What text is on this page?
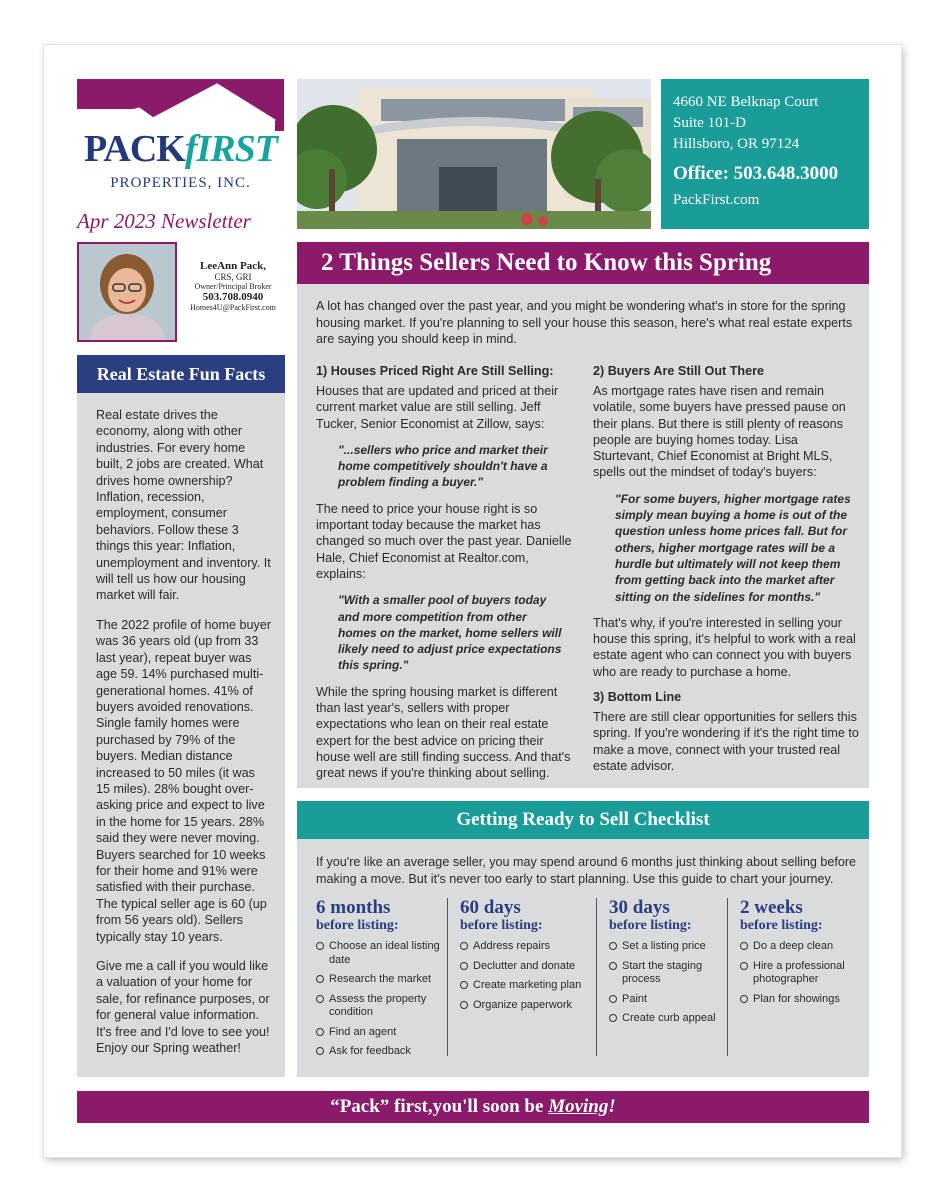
PACKfIRST
PROPERTIES, INC.
Apr 2023 Newsletter
4660 NE Belknap Court
Suite 101-D
Hillsboro, OR 97124
Office: 503.648.3000
PackFirst.com
LeeAnn Pack,
CRS, GRI
Owner/Principal Broker
503.708.0940
Homes4U@PackFirst.com
Real Estate Fun Facts

Real estate drives the economy, along with other industries. For every home built, 2 jobs are created. What drives home ownership? Inflation, recession, employment, consumer behaviors. Follow these 3 things this year: Inflation, unemployment and inventory. It will tell us how our housing market will fair.

The 2022 profile of home buyer was 36 years old (up from 33 last year), repeat buyer was age 59. 14% purchased multi-generational homes. 41% of buyers avoided renovations. Single family homes were purchased by 79% of the buyers. Median distance increased to 50 miles (it was 15 miles). 28% bought over-asking price and expect to live in the home for 15 years. 28% said they were never moving. Buyers searched for 10 weeks for their home and 91% were satisfied with their purchase. The typical seller age is 60 (up from 56 years old). Sellers typically stay 10 years.

Give me a call if you would like a valuation of your home for sale, for refinance purposes, or for general value information. It's free and I'd love to see you! Enjoy our Spring weather!

2 Things Sellers Need to Know this Spring
A lot has changed over the past year, and you might be wondering what's in store for the spring housing market. If you're planning to sell your house this season, here's what real estate experts are saying you should keep in mind.
1) Houses Priced Right Are Still Selling:

Houses that are updated and priced at their current market value are still selling. Jeff Tucker, Senior Economist at Zillow, says:

"...sellers who price and market their home competitively shouldn't have a problem finding a buyer."

The need to price your house right is so important today because the market has changed so much over the past year. Danielle Hale, Chief Economist at Realtor.com, explains:

"With a smaller pool of buyers today and more competition from other homes on the market, home sellers will likely need to adjust price expectations this spring."

While the spring housing market is different than last year's, sellers with proper expectations who lean on their real estate expert for the best advice on pricing their house well are still finding success. And that's great news if you're thinking about selling.

2) Buyers Are Still Out There

As mortgage rates have risen and remain volatile, some buyers have pressed pause on their plans. But there is still plenty of reasons people are buying homes today. Lisa Sturtevant, Chief Economist at Bright MLS, spells out the mindset of today's buyers:

"For some buyers, higher mortgage rates simply mean buying a home is out of the question unless home prices fall. But for others, higher mortgage rates will be a hurdle but ultimately will not keep them from getting back into the market after sitting on the sidelines for months."

That's why, if you're interested in selling your house this spring, it's helpful to work with a real estate agent who can connect you with buyers who are ready to purchase a home.

3) Bottom Line

There are still clear opportunities for sellers this spring. If you're wondering if it's the right time to make a move, connect with your trusted real estate advisor.

Getting Ready to Sell Checklist
If you're like an average seller, you may spend around 6 months just thinking about selling before making a move. But it's never too early to start planning. Use this guide to chart your journey.
6 months
before listing:
Choose an ideal listing date
Research the market
Assess the property condition
Find an agent
Ask for feedback
60 days
before listing:
Address repairs
Declutter and donate
Create marketing plan
Organize paperwork
30 days
before listing:
Set a listing price
Start the staging process
Paint
Create curb appeal
2 weeks
before listing:
Do a deep clean
Hire a professional photographer
Plan for showings
“Pack” first,you'll soon be Moving!
